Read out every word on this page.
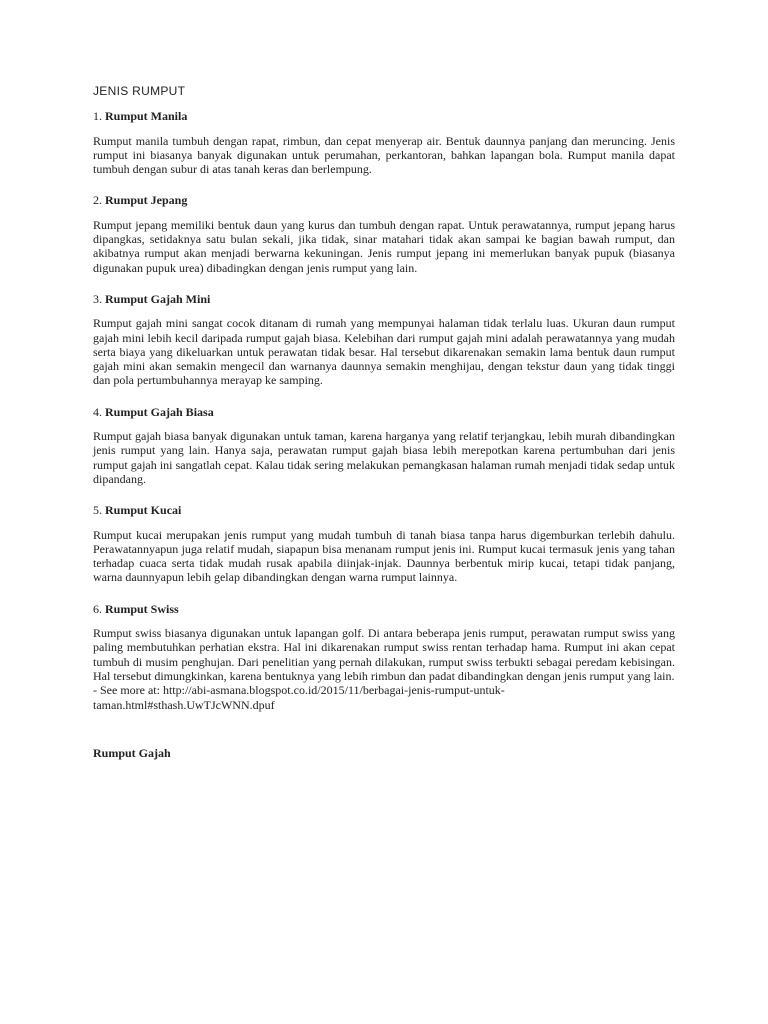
JENIS RUMPUT
1. Rumput Manila
Rumput manila tumbuh dengan rapat, rimbun, dan cepat menyerap air. Bentuk daunnya panjang dan meruncing. Jenis rumput ini biasanya banyak digunakan untuk perumahan, perkantoran, bahkan lapangan bola. Rumput manila dapat tumbuh dengan subur di atas tanah keras dan berlempung.
2. Rumput Jepang
Rumput jepang memiliki bentuk daun yang kurus dan tumbuh dengan rapat. Untuk perawatannya, rumput jepang harus dipangkas, setidaknya satu bulan sekali, jika tidak, sinar matahari tidak akan sampai ke bagian bawah rumput, dan akibatnya rumput akan menjadi berwarna kekuningan. Jenis rumput jepang ini memerlukan banyak pupuk (biasanya digunakan pupuk urea) dibadingkan dengan jenis rumput yang lain.
3. Rumput Gajah Mini
Rumput gajah mini sangat cocok ditanam di rumah yang mempunyai halaman tidak terlalu luas. Ukuran daun rumput gajah mini lebih kecil daripada rumput gajah biasa. Kelebihan dari rumput gajah mini adalah perawatannya yang mudah serta biaya yang dikeluarkan untuk perawatan tidak besar. Hal tersebut dikarenakan semakin lama bentuk daun rumput gajah mini akan semakin mengecil dan warnanya daunnya semakin menghijau, dengan tekstur daun yang tidak tinggi dan pola pertumbuhannya merayap ke samping.
4. Rumput Gajah Biasa
Rumput gajah biasa banyak digunakan untuk taman, karena harganya yang relatif terjangkau, lebih murah dibandingkan jenis rumput yang lain. Hanya saja, perawatan rumput gajah biasa lebih merepotkan karena pertumbuhan dari jenis rumput gajah ini sangatlah cepat. Kalau tidak sering melakukan pemangkasan halaman rumah menjadi tidak sedap untuk dipandang.
5. Rumput Kucai
Rumput kucai merupakan jenis rumput yang mudah tumbuh di tanah biasa tanpa harus digemburkan terlebih dahulu. Perawatannyapun juga relatif mudah, siapapun bisa menanam rumput jenis ini. Rumput kucai termasuk jenis yang tahan terhadap cuaca serta tidak mudah rusak apabila diinjak-injak. Daunnya berbentuk mirip kucai, tetapi tidak panjang, warna daunnyapun lebih gelap dibandingkan dengan warna rumput lainnya.
6. Rumput Swiss
Rumput swiss biasanya digunakan untuk lapangan golf. Di antara beberapa jenis rumput, perawatan rumput swiss yang paling membutuhkan perhatian ekstra. Hal ini dikarenakan rumput swiss rentan terhadap hama. Rumput ini akan cepat tumbuh di musim penghujan. Dari penelitian yang pernah dilakukan, rumput swiss terbukti sebagai peredam kebisingan. Hal tersebut dimungkinkan, karena bentuknya yang lebih rimbun dan padat dibandingkan dengan jenis rumput yang lain.
- See more at: http://abi-asmana.blogspot.co.id/2015/11/berbagai-jenis-rumput-untuk-
taman.html#sthash.UwTJcWNN.dpuf
Rumput Gajah
